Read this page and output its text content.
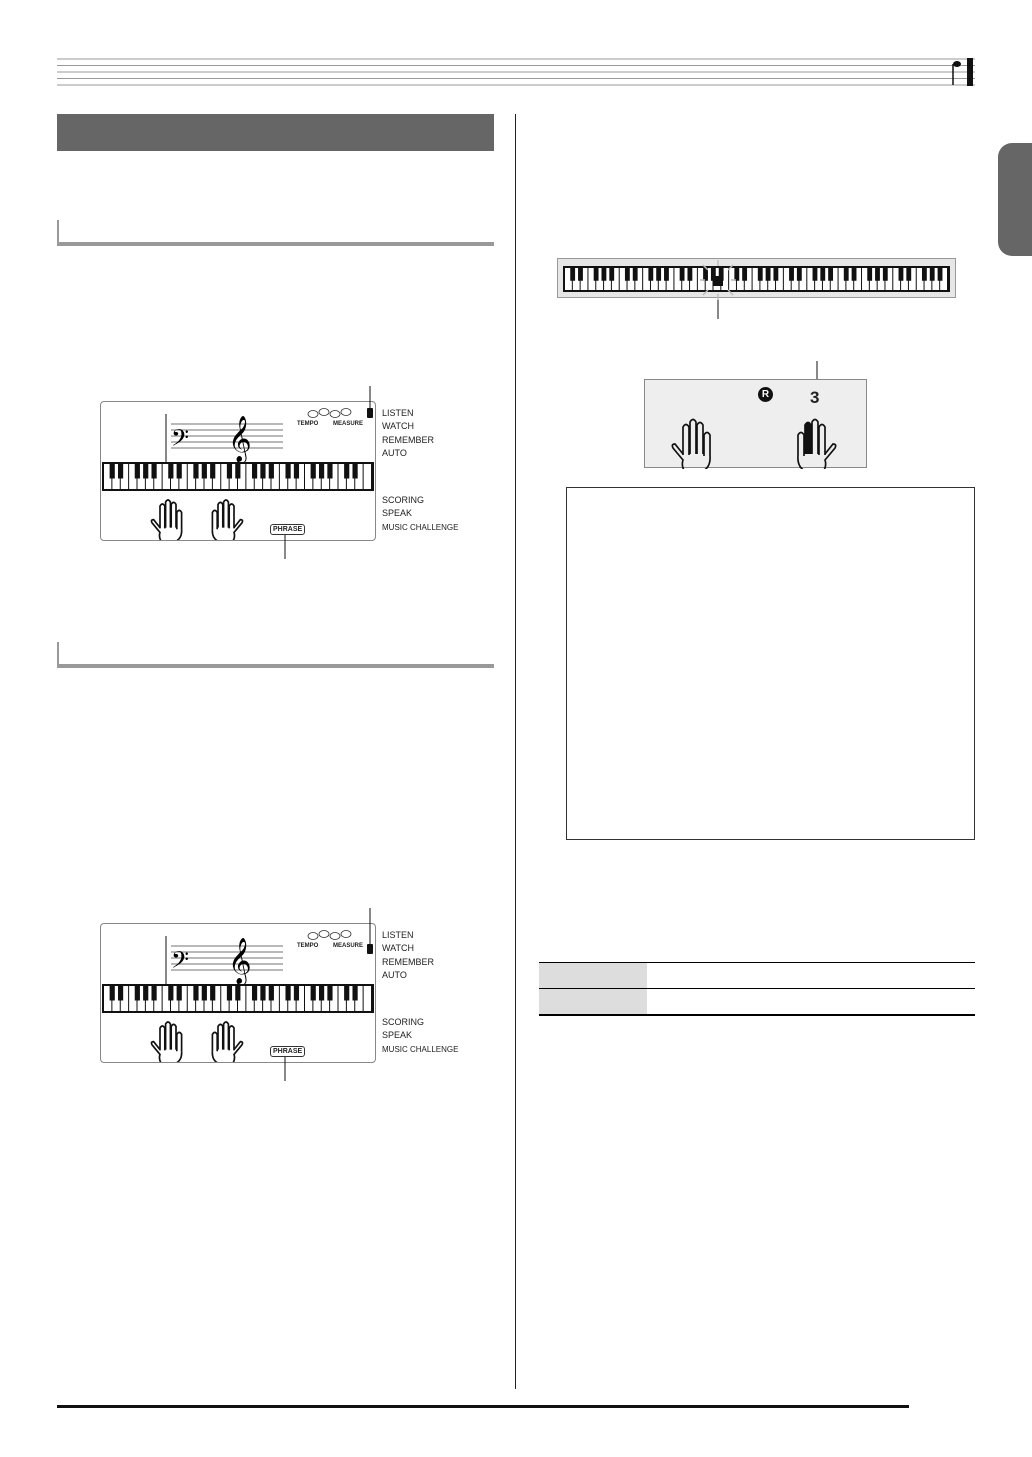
𝄢 𝄞	TEMPO MEASURE
PHRASE
LISTEN
WATCH
REMEMBER
AUTO
SCORING
SPEAK
MUSIC CHALLENGE
𝄢 𝄞	TEMPO MEASURE
PHRASE
LISTEN
WATCH
REMEMBER
AUTO
SCORING
SPEAK
MUSIC CHALLENGE
R 3
